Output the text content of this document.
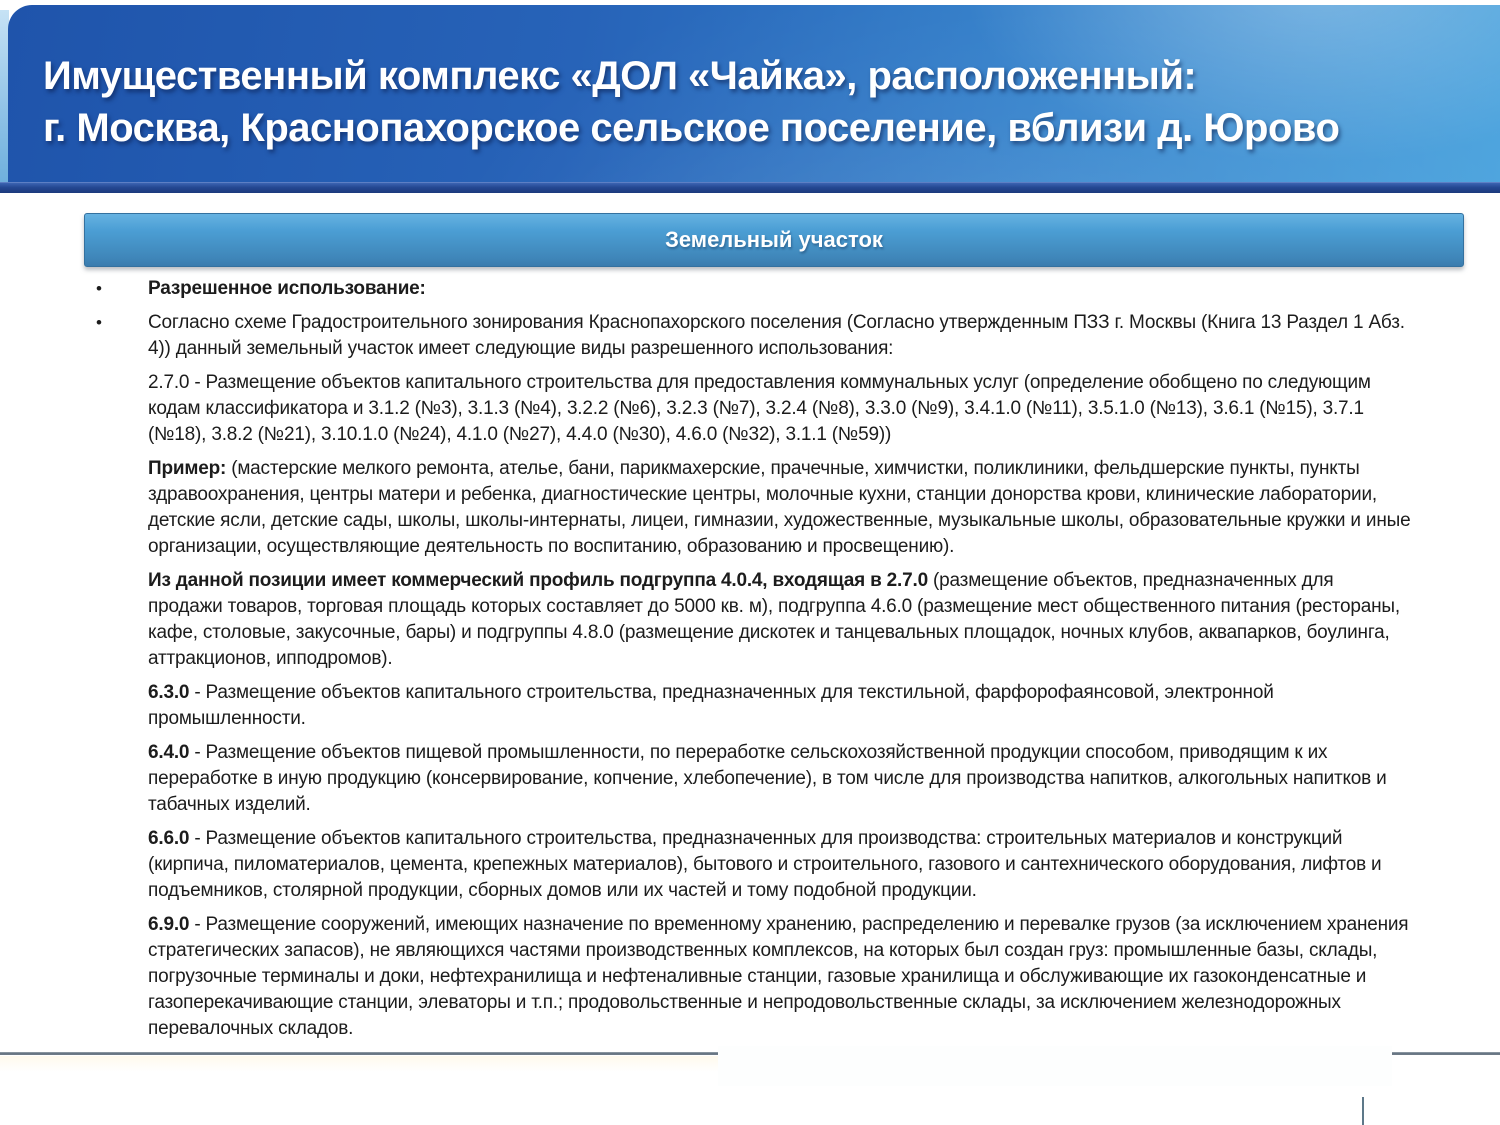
Имущественный комплекс «ДОЛ «Чайка», расположенный:
г. Москва, Краснопахорское сельское поселение, вблизи д. Юрово
Земельный участок
• Разрешенное использование:
• Согласно схеме Градостроительного зонирования Краснопахорского поселения (Согласно утвержденным ПЗЗ г. Москвы (Книга 13 Раздел 1 Абз. 4)) данный земельный участок имеет следующие виды разрешенного использования:
2.7.0 - Размещение объектов капитального строительства для предоставления коммунальных услуг (определение обобщено по следующим кодам классификатора и 3.1.2 (№3), 3.1.3 (№4), 3.2.2 (№6), 3.2.3 (№7), 3.2.4 (№8), 3.3.0 (№9), 3.4.1.0 (№11), 3.5.1.0 (№13), 3.6.1 (№15), 3.7.1 (№18), 3.8.2 (№21), 3.10.1.0 (№24), 4.1.0 (№27), 4.4.0 (№30), 4.6.0 (№32), 3.1.1 (№59))
Пример: (мастерские мелкого ремонта, ателье, бани, парикмахерские, прачечные, химчистки, поликлиники, фельдшерские пункты, пункты здравоохранения, центры матери и ребенка, диагностические центры, молочные кухни, станции донорства крови, клинические лаборатории, детские ясли, детские сады, школы, школы-интернаты, лицеи, гимназии, художественные, музыкальные школы, образовательные кружки и иные организации, осуществляющие деятельность по воспитанию, образованию и просвещению).
Из данной позиции имеет коммерческий профиль подгруппа 4.0.4, входящая в 2.7.0 (размещение объектов, предназначенных для продажи товаров, торговая площадь которых составляет до 5000 кв. м), подгруппа 4.6.0 (размещение мест общественного питания (рестораны, кафе, столовые, закусочные, бары) и подгруппы 4.8.0 (размещение дискотек и танцевальных площадок, ночных клубов, аквапарков, боулинга, аттракционов, ипподромов).
6.3.0 - Размещение объектов капитального строительства, предназначенных для текстильной, фарфорофаянсовой, электронной промышленности.
6.4.0 - Размещение объектов пищевой промышленности, по переработке сельскохозяйственной продукции способом, приводящим к их переработке в иную продукцию (консервирование, копчение, хлебопечение), в том числе для производства напитков, алкогольных напитков и табачных изделий.
6.6.0 - Размещение объектов капитального строительства, предназначенных для производства: строительных материалов и конструкций (кирпича, пиломатериалов, цемента, крепежных материалов), бытового и строительного, газового и сантехнического оборудования, лифтов и подъемников, столярной продукции, сборных домов или их частей и тому подобной продукции.
6.9.0 - Размещение сооружений, имеющих назначение по временному хранению, распределению и перевалке грузов (за исключением хранения стратегических запасов), не являющихся частями производственных комплексов, на которых был создан груз: промышленные базы, склады, погрузочные терминалы и доки, нефтехранилища и нефтеналивные станции, газовые хранилища и обслуживающие их газоконденсатные и газоперекачивающие станции, элеваторы и т.п.; продовольственные и непродовольственные склады, за исключением железнодорожных перевалочных складов.
